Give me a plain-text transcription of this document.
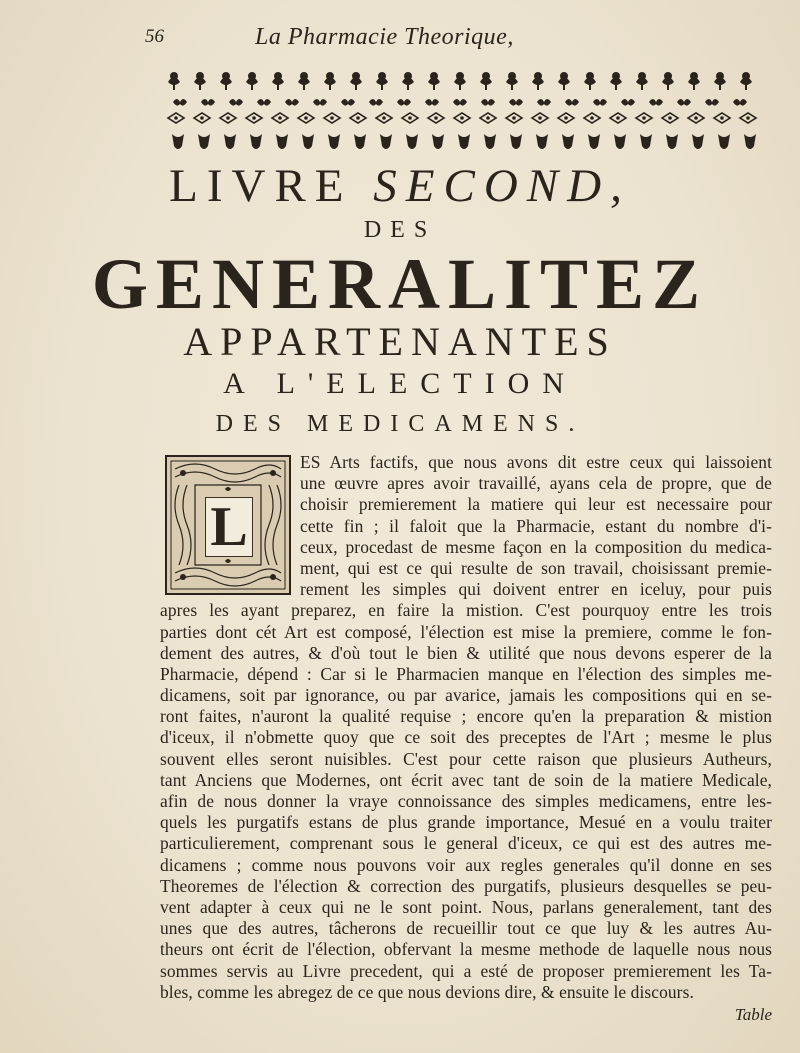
56	La Pharmacie Theorique,
LIVRE SECOND,
DES
GENERALITEZ
APPARTENANTES
A L'ELECTION
DES MEDICAMENS.
L
ES Arts factifs, que nous avons dit estre ceux qui laissoient
une œuvre apres avoir travaillé, ayans cela de propre, que de
choisir premierement la matiere qui leur est necessaire pour
cette fin ; il faloit que la Pharmacie, estant du nombre d'i-
ceux, procedast de mesme façon en la composition du medica-
ment, qui est ce qui resulte de son travail, choisissant premie-
rement les simples qui doivent entrer en iceluy, pour puis
apres les ayant preparez, en faire la mistion. C'est pourquoy entre les trois
parties dont cét Art est composé, l'élection est mise la premiere, comme le fon-
dement des autres, & d'où tout le bien & utilité que nous devons esperer de la
Pharmacie, dépend : Car si le Pharmacien manque en l'élection des simples me-
dicamens, soit par ignorance, ou par avarice, jamais les compositions qui en se-
ront faites, n'auront la qualité requise ; encore qu'en la preparation & mistion
d'iceux, il n'obmette quoy que ce soit des preceptes de l'Art ; mesme le plus
souvent elles seront nuisibles. C'est pour cette raison que plusieurs Autheurs,
tant Anciens que Modernes, ont écrit avec tant de soin de la matiere Medicale,
afin de nous donner la vraye connoissance des simples medicamens, entre les-
quels les purgatifs estans de plus grande importance, Mesué en a voulu traiter
particulierement, comprenant sous le general d'iceux, ce qui est des autres me-
dicamens ; comme nous pouvons voir aux regles generales qu'il donne en ses
Theoremes de l'élection & correction des purgatifs, plusieurs desquelles se peu-
vent adapter à ceux qui ne le sont point. Nous, parlans generalement, tant des
unes que des autres, tâcherons de recueillir tout ce que luy & les autres Au-
theurs ont écrit de l'élection, obfervant la mesme methode de laquelle nous nous
sommes servis au Livre precedent, qui a esté de proposer premierement les Ta-
bles, comme les abregez de ce que nous devions dire, & ensuite le discours.
Table
